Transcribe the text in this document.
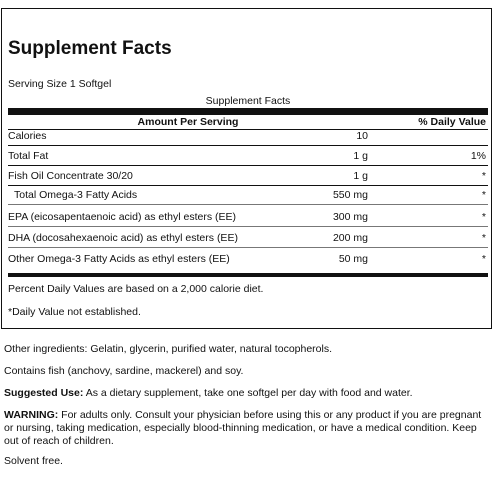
Supplement Facts
Serving Size 1 Softgel
Supplement Facts
Amount Per Serving	% Daily Value
Calories	10
Total Fat	1 g	1%
Fish Oil Concentrate 30/20	1 g	*
Total Omega-3 Fatty Acids	550 mg	*
EPA (eicosapentaenoic acid) as ethyl esters (EE)	300 mg	*
DHA (docosahexaenoic acid) as ethyl esters (EE)	200 mg	*
Other Omega-3 Fatty Acids as ethyl esters (EE)	50 mg	*
Percent Daily Values are based on a 2,000 calorie diet.
*Daily Value not established.
Other ingredients: Gelatin, glycerin, purified water, natural tocopherols.
Contains fish (anchovy, sardine, mackerel) and soy.
Suggested Use: As a dietary supplement, take one softgel per day with food and water.
WARNING: For adults only. Consult your physician before using this or any product if you are pregnant or nursing, taking medication, especially blood-thinning medication, or have a medical condition. Keep out of reach of children.
Solvent free.
